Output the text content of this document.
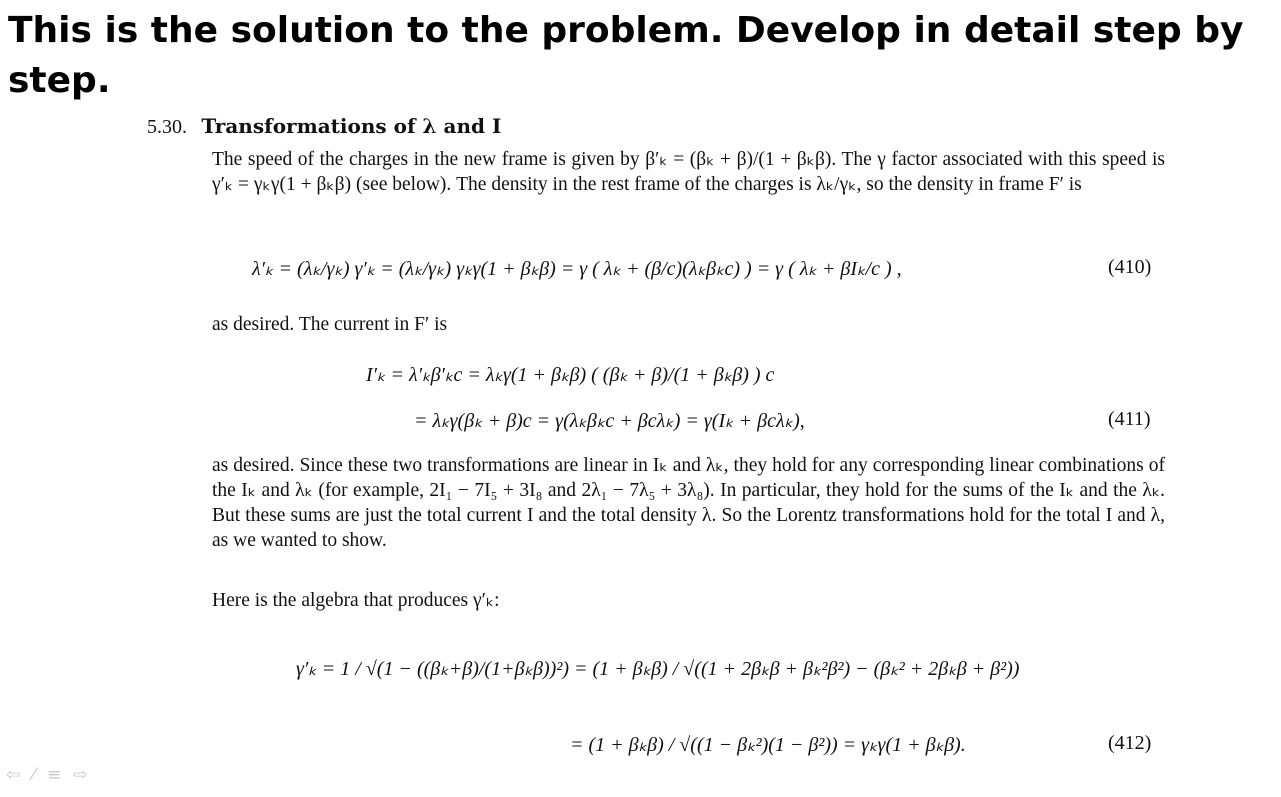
This is the solution to the problem. Develop in detail step by step.
5.30. Transformations of λ and I
The speed of the charges in the new frame is given by β′ₖ = (βₖ + β)/(1 + βₖβ). The γ factor associated with this speed is γ′ₖ = γₖγ(1 + βₖβ) (see below). The density in the rest frame of the charges is λₖ/γₖ, so the density in frame F′ is
λ′ₖ = (λₖ/γₖ) γ′ₖ = (λₖ/γₖ) γₖγ(1 + βₖβ) = γ ( λₖ + (β/c)(λₖβₖc) ) = γ ( λₖ + βIₖ/c ) ,	(410)
as desired. The current in F′ is
I′ₖ = λ′ₖβ′ₖc = λₖγ(1 + βₖβ) ( (βₖ + β)/(1 + βₖβ) ) c
= λₖγ(βₖ + β)c = γ(λₖβₖc + βcλₖ) = γ(Iₖ + βcλₖ),	(411)
as desired. Since these two transformations are linear in Iₖ and λₖ, they hold for any corresponding linear combinations of the Iₖ and λₖ (for example, 2I₁ − 7I₅ + 3I₈ and 2λ₁ − 7λ₅ + 3λ₈). In particular, they hold for the sums of the Iₖ and the λₖ. But these sums are just the total current I and the total density λ. So the Lorentz transformations hold for the total I and λ, as we wanted to show.
Here is the algebra that produces γ′ₖ:
γ′ₖ = 1 / √(1 − ((βₖ+β)/(1+βₖβ))²) = (1 + βₖβ) / √((1 + 2βₖβ + βₖ²β²) − (βₖ² + 2βₖβ + β²))
= (1 + βₖβ) / √((1 − βₖ²)(1 − β²)) = γₖγ(1 + βₖβ).	(412)
⇦ ⁄ ≡ ⇨
